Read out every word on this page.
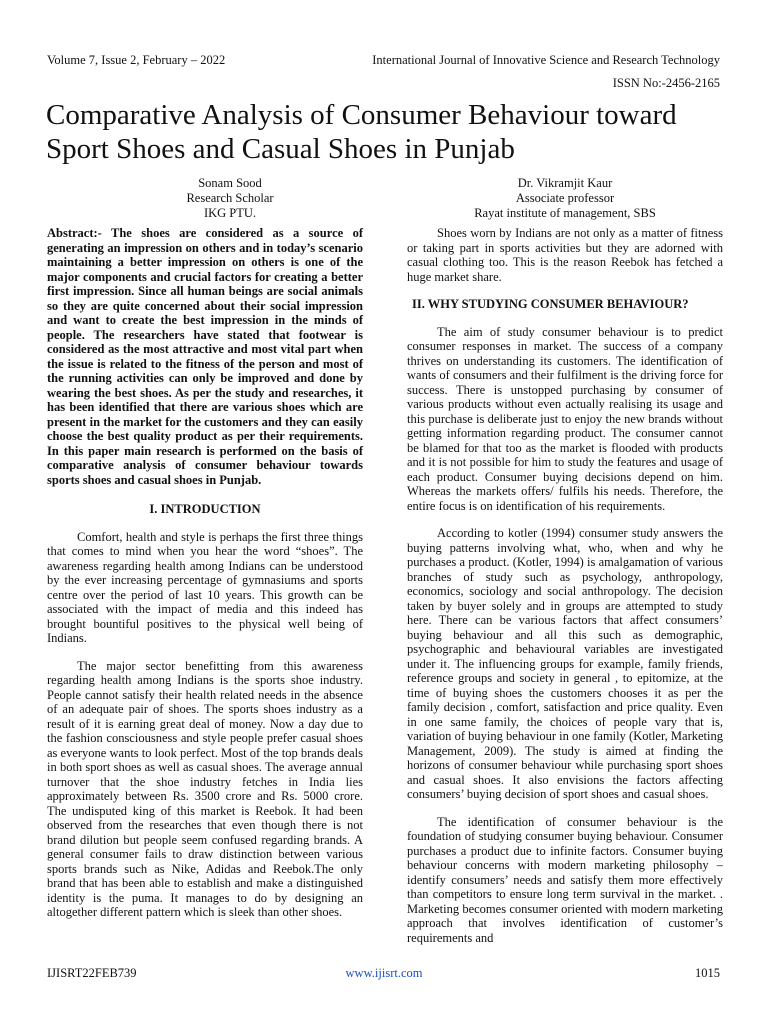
Volume 7, Issue 2, February – 2022	International Journal of Innovative Science and Research Technology
ISSN No:-2456-2165
Comparative Analysis of Consumer Behaviour toward Sport Shoes and Casual Shoes in Punjab
Sonam Sood
Research Scholar
IKG PTU.
Dr. Vikramjit Kaur
Associate professor
Rayat institute of management, SBS

Abstract:- The shoes are considered as a source of generating an impression on others and in today’s scenario maintaining a better impression on others is one of the major components and crucial factors for creating a better first impression. Since all human beings are social animals so they are quite concerned about their social impression and want to create the best impression in the minds of people. The researchers have stated that footwear is considered as the most attractive and most vital part when the issue is related to the fitness of the person and most of the running activities can only be improved and done by wearing the best shoes. As per the study and researches, it has been identified that there are various shoes which are present in the market for the customers and they can easily choose the best quality product as per their requirements. In this paper main research is performed on the basis of comparative analysis of consumer behaviour towards sports shoes and casual shoes in Punjab.

I. INTRODUCTION

Comfort, health and style is perhaps the first three things that comes to mind when you hear the word “shoes”. The awareness regarding health among Indians can be understood by the ever increasing percentage of gymnasiums and sports centre over the period of last 10 years. This growth can be associated with the impact of media and this indeed has brought bountiful positives to the physical well being of Indians.

The major sector benefitting from this awareness regarding health among Indians is the sports shoe industry. People cannot satisfy their health related needs in the absence of an adequate pair of shoes. The sports shoes industry as a result of it is earning great deal of money. Now a day due to the fashion consciousness and style people prefer casual shoes as everyone wants to look perfect. Most of the top brands deals in both sport shoes as well as casual shoes. The average annual turnover that the shoe industry fetches in India lies approximately between Rs. 3500 crore and Rs. 5000 crore. The undisputed king of this market is Reebok. It had been observed from the researches that even though there is not brand dilution but people seem confused regarding brands. A general consumer fails to draw distinction between various sports brands such as Nike, Adidas and Reebok.The only brand that has been able to establish and make a distinguished identity is the puma. It manages to do by designing an altogether different pattern which is sleek than other shoes.

Shoes worn by Indians are not only as a matter of fitness or taking part in sports activities but they are adorned with casual clothing too. This is the reason Reebok has fetched a huge market share.

II. WHY STUDYING CONSUMER BEHAVIOUR?

The aim of study consumer behaviour is to predict consumer responses in market. The success of a company thrives on understanding its customers. The identification of wants of consumers and their fulfilment is the driving force for success. There is unstopped purchasing by consumer of various products without even actually realising its usage and this purchase is deliberate just to enjoy the new brands without getting information regarding product. The consumer cannot be blamed for that too as the market is flooded with products and it is not possible for him to study the features and usage of each product. Consumer buying decisions depend on him. Whereas the markets offers/ fulfils his needs. Therefore, the entire focus is on identification of his requirements.

According to kotler (1994) consumer study answers the buying patterns involving what, who, when and why he purchases a product. (Kotler, 1994) is amalgamation of various branches of study such as psychology, anthropology, economics, sociology and social anthropology. The decision taken by buyer solely and in groups are attempted to study here. There can be various factors that affect consumers’ buying behaviour and all this such as demographic, psychographic and behavioural variables are investigated under it. The influencing groups for example, family friends, reference groups and society in general , to epitomize, at the time of buying shoes the customers chooses it as per the family decision , comfort, satisfaction and price quality. Even in one same family, the choices of people vary that is, variation of buying behaviour in one family (Kotler, Marketing Management, 2009). The study is aimed at finding the horizons of consumer behaviour while purchasing sport shoes and casual shoes. It also envisions the factors affecting consumers’ buying decision of sport shoes and casual shoes.

The identification of consumer behaviour is the foundation of studying consumer buying behaviour. Consumer purchases a product due to infinite factors. Consumer buying behaviour concerns with modern marketing philosophy – identify consumers’ needs and satisfy them more effectively than competitors to ensure long term survival in the market. . Marketing becomes consumer oriented with modern marketing approach that involves identification of customer’s requirements and

IJISRT22FEB739	www.ijisrt.com	1015
